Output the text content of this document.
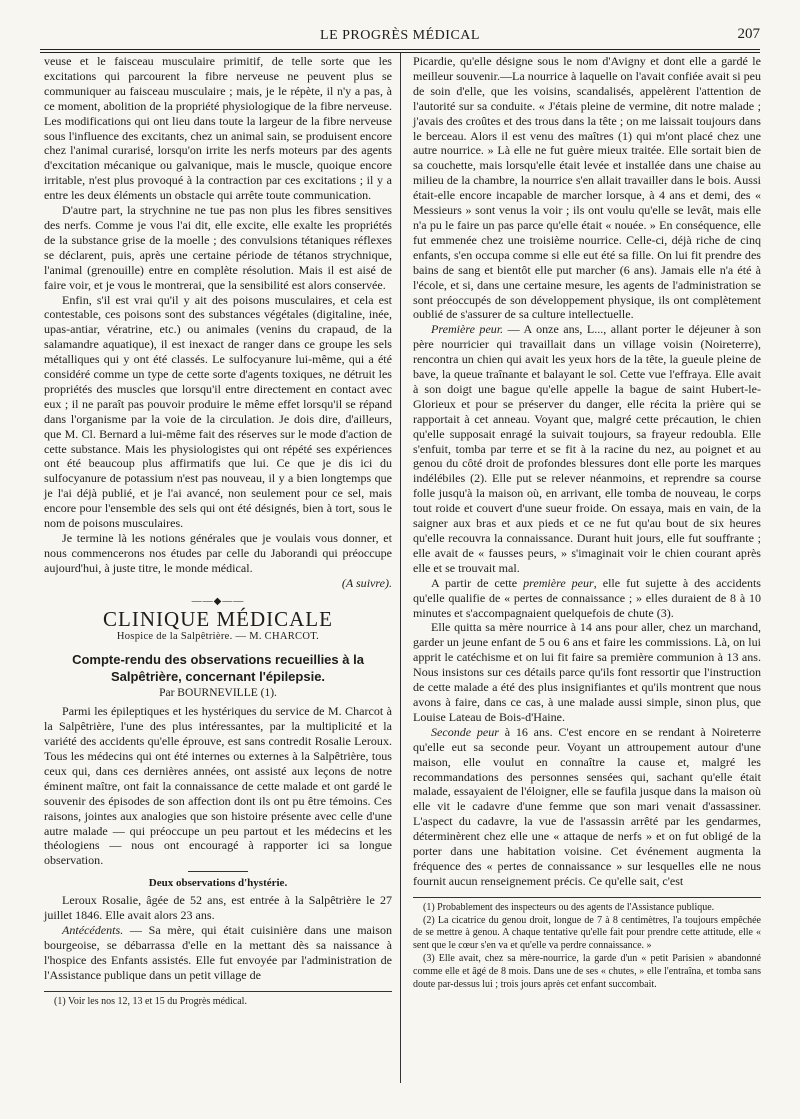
LE PROGRÈS MÉDICAL	207

veuse et le faisceau musculaire primitif, de telle sorte que les excitations qui parcourent la fibre nerveuse ne peuvent plus se communiquer au faisceau musculaire ; mais, je le répète, il n'y a pas, à ce moment, abolition de la propriété physiologique de la fibre nerveuse. Les modifications qui ont lieu dans toute la largeur de la fibre nerveuse sous l'influence des excitants, chez un animal sain, se produisent encore chez l'animal curarisé, lorsqu'on irrite les nerfs moteurs par des agents d'excitation mécanique ou galvanique, mais le muscle, quoique encore irritable, n'est plus provoqué à la contraction par ces excitations ; il y a entre les deux éléments un obstacle qui arrête toute communication.

D'autre part, la strychnine ne tue pas non plus les fibres sensitives des nerfs. Comme je vous l'ai dit, elle excite, elle exalte les propriétés de la substance grise de la moelle ; des convulsions tétaniques réflexes se déclarent, puis, après une certaine période de tétanos strychnique, l'animal (grenouille) entre en complète résolution. Mais il est aisé de faire voir, et je vous le montrerai, que la sensibilité est alors conservée.

Enfin, s'il est vrai qu'il y ait des poisons musculaires, et cela est contestable, ces poisons sont des substances végétales (digitaline, inée, upas-antiar, vératrine, etc.) ou animales (venins du crapaud, de la salamandre aquatique), il est inexact de ranger dans ce groupe les sels métalliques qui y ont été classés. Le sulfocyanure lui-même, qui a été considéré comme un type de cette sorte d'agents toxiques, ne détruit les propriétés des muscles que lorsqu'il entre directement en contact avec eux ; il ne paraît pas pouvoir produire le même effet lorsqu'il se répand dans l'organisme par la voie de la circulation. Je dois dire, d'ailleurs, que M. Cl. Bernard a lui-même fait des réserves sur le mode d'action de cette substance. Mais les physiologistes qui ont répété ses expériences ont été beaucoup plus affirmatifs que lui. Ce que je dis ici du sulfocyanure de potassium n'est pas nouveau, il y a bien longtemps que je l'ai déjà publié, et je l'ai avancé, non seulement pour ce sel, mais encore pour l'ensemble des sels qui ont été désignés, bien à tort, sous le nom de poisons musculaires.

Je termine là les notions générales que je voulais vous donner, et nous commencerons nos études par celle du Jaborandi qui préoccupe aujourd'hui, à juste titre, le monde médical.

(A suivre).
——◆——
CLINIQUE MÉDICALE
Hospice de la Salpêtrière. — M. CHARCOT.
Compte-rendu des observations recueillies à la Salpêtrière, concernant l'épilepsie.
Par BOURNEVILLE (1).

Parmi les épileptiques et les hystériques du service de M. Charcot à la Salpêtrière, l'une des plus intéressantes, par la multiplicité et la variété des accidents qu'elle éprouve, est sans contredit Rosalie Leroux. Tous les médecins qui ont été internes ou externes à la Salpêtrière, tous ceux qui, dans ces dernières années, ont assisté aux leçons de notre éminent maître, ont fait la connaissance de cette malade et ont gardé le souvenir des épisodes de son affection dont ils ont pu être témoins. Ces raisons, jointes aux analogies que son histoire présente avec celle d'une autre malade — qui préoccupe un peu partout et les médecins et les théologiens — nous ont encouragé à rapporter ici sa longue observation.

Deux observations d'hystérie.

Leroux Rosalie, âgée de 52 ans, est entrée à la Salpêtrière le 27 juillet 1846. Elle avait alors 23 ans.

Antécédents. — Sa mère, qui était cuisinière dans une maison bourgeoise, se débarrassa d'elle en la mettant dès sa naissance à l'hospice des Enfants assistés. Elle fut envoyée par l'administration de l'Assistance publique dans un petit village de

(1) Voir les nos 12, 13 et 15 du Progrès médical.

Picardie, qu'elle désigne sous le nom d'Avigny et dont elle a gardé le meilleur souvenir.—La nourrice à laquelle on l'avait confiée avait si peu de soin d'elle, que les voisins, scandalisés, appelèrent l'attention de l'autorité sur sa conduite. « J'étais pleine de vermine, dit notre malade ; j'avais des croûtes et des trous dans la tête ; on me laissait toujours dans le berceau. Alors il est venu des maîtres (1) qui m'ont placé chez une autre nourrice. » Là elle ne fut guère mieux traitée. Elle sortait bien de sa couchette, mais lorsqu'elle était levée et installée dans une chaise au milieu de la chambre, la nourrice s'en allait travailler dans le bois. Aussi était-elle encore incapable de marcher lorsque, à 4 ans et demi, des « Messieurs » sont venus la voir ; ils ont voulu qu'elle se levât, mais elle n'a pu le faire un pas parce qu'elle était « nouée. » En conséquence, elle fut emmenée chez une troisième nourrice. Celle-ci, déjà riche de cinq enfants, s'en occupa comme si elle eut été sa fille. On lui fit prendre des bains de sang et bientôt elle put marcher (6 ans). Jamais elle n'a été à l'école, et si, dans une certaine mesure, les agents de l'administration se sont préoccupés de son développement physique, ils ont complètement oublié de s'assurer de sa culture intellectuelle.

Première peur. — A onze ans, L..., allant porter le déjeuner à son père nourricier qui travaillait dans un village voisin (Noireterre), rencontra un chien qui avait les yeux hors de la tête, la gueule pleine de bave, la queue traînante et balayant le sol. Cette vue l'effraya. Elle avait à son doigt une bague qu'elle appelle la bague de saint Hubert-le-Glorieux et pour se préserver du danger, elle récita la prière qui se rapportait à cet anneau. Voyant que, malgré cette précaution, le chien qu'elle supposait enragé la suivait toujours, sa frayeur redoubla. Elle s'enfuit, tomba par terre et se fit à la racine du nez, au poignet et au genou du côté droit de profondes blessures dont elle porte les marques indélébiles (2). Elle put se relever néanmoins, et reprendre sa course folle jusqu'à la maison où, en arrivant, elle tomba de nouveau, le corps tout roide et couvert d'une sueur froide. On essaya, mais en vain, de la saigner aux bras et aux pieds et ce ne fut qu'au bout de six heures qu'elle recouvra la connaissance. Durant huit jours, elle fut souffrante ; elle avait de « fausses peurs, » s'imaginait voir le chien courant après elle et se trouvait mal.

A partir de cette première peur, elle fut sujette à des accidents qu'elle qualifie de « pertes de connaissance ; » elles duraient de 8 à 10 minutes et s'accompagnaient quelquefois de chute (3).

Elle quitta sa mère nourrice à 14 ans pour aller, chez un marchand, garder un jeune enfant de 5 ou 6 ans et faire les commissions. Là, on lui apprit le catéchisme et on lui fit faire sa première communion à 13 ans. Nous insistons sur ces détails parce qu'ils font ressortir que l'instruction de cette malade a été des plus insignifiantes et qu'ils montrent que nous avons à faire, dans ce cas, à une malade aussi simple, sinon plus, que Louise Lateau de Bois-d'Haine.

Seconde peur à 16 ans. C'est encore en se rendant à Noireterre qu'elle eut sa seconde peur. Voyant un attroupement autour d'une maison, elle voulut en connaître la cause et, malgré les recommandations des personnes sensées qui, sachant qu'elle était malade, essayaient de l'éloigner, elle se faufila jusque dans la maison où elle vit le cadavre d'une femme que son mari venait d'assassiner. L'aspect du cadavre, la vue de l'assassin arrêté par les gendarmes, déterminèrent chez elle une « attaque de nerfs » et on fut obligé de la porter dans une habitation voisine. Cet événement augmenta la fréquence des « pertes de connaissance » sur lesquelles elle ne nous fournit aucun renseignement précis. Ce qu'elle sait, c'est

(1) Probablement des inspecteurs ou des agents de l'Assistance publique.

(2) La cicatrice du genou droit, longue de 7 à 8 centimètres, l'a toujours empêchée de se mettre à genou. A chaque tentative qu'elle fait pour prendre cette attitude, elle « sent que le cœur s'en va et qu'elle va perdre connaissance. »

(3) Elle avait, chez sa mère-nourrice, la garde d'un « petit Parisien » abandonné comme elle et âgé de 8 mois. Dans une de ses « chutes, » elle l'entraîna, et tomba sans doute par-dessus lui ; trois jours après cet enfant succombait.
